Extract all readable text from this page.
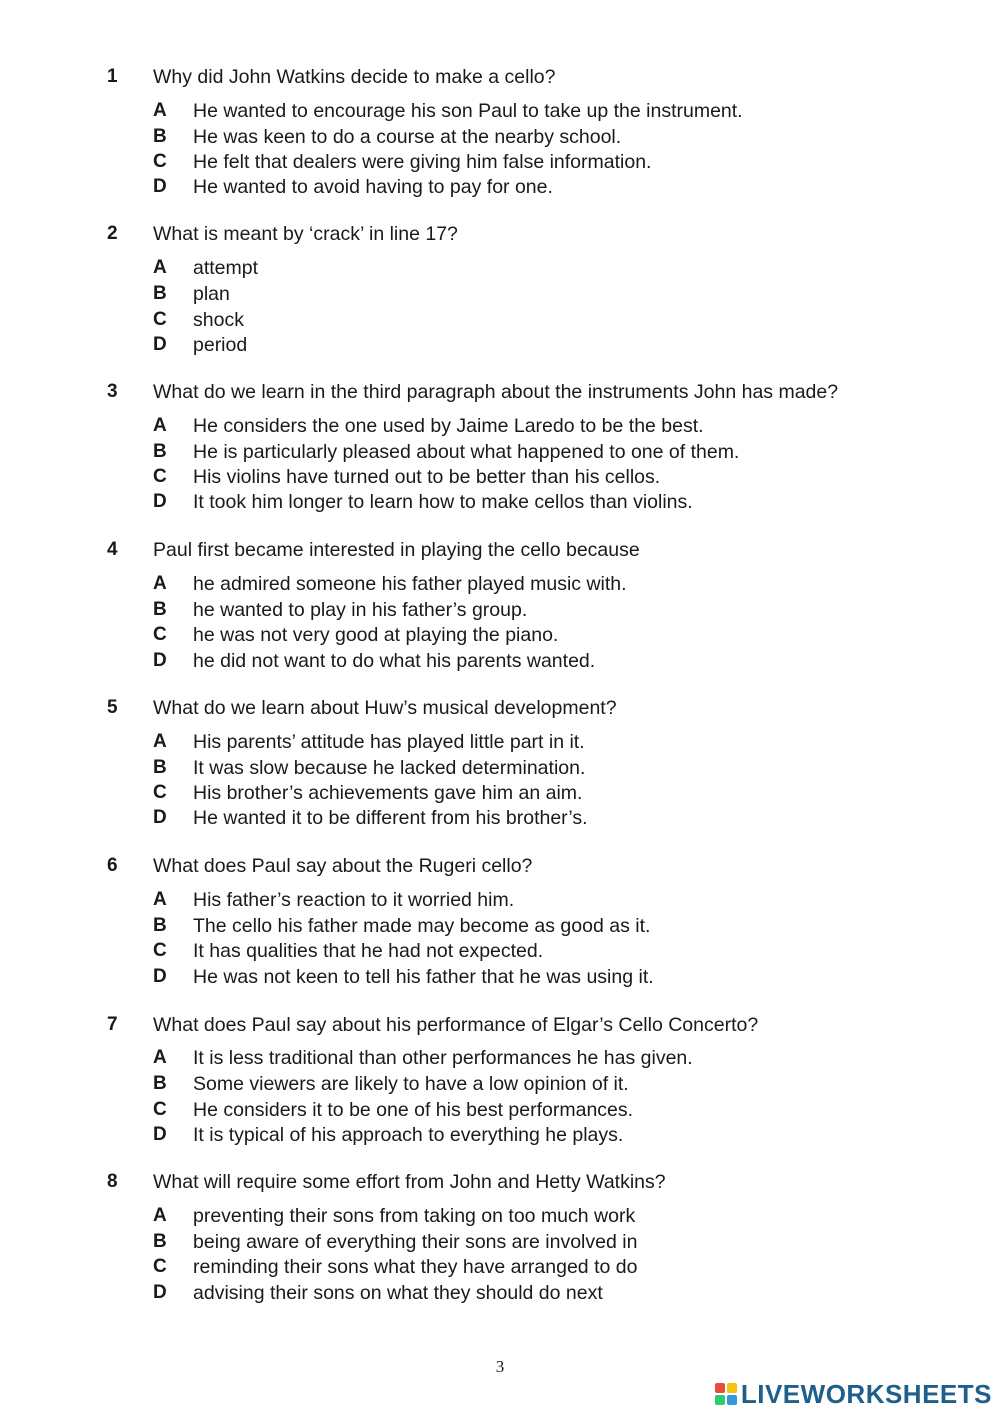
1 Why did John Watkins decide to make a cello?
A He wanted to encourage his son Paul to take up the instrument.
B He was keen to do a course at the nearby school.
C He felt that dealers were giving him false information.
D He wanted to avoid having to pay for one.
2 What is meant by ‘crack’ in line 17?
A attempt
B plan
C shock
D period
3 What do we learn in the third paragraph about the instruments John has made?
A He considers the one used by Jaime Laredo to be the best.
B He is particularly pleased about what happened to one of them.
C His violins have turned out to be better than his cellos.
D It took him longer to learn how to make cellos than violins.
4 Paul first became interested in playing the cello because
A he admired someone his father played music with.
B he wanted to play in his father’s group.
C he was not very good at playing the piano.
D he did not want to do what his parents wanted.
5 What do we learn about Huw’s musical development?
A His parents’ attitude has played little part in it.
B It was slow because he lacked determination.
C His brother’s achievements gave him an aim.
D He wanted it to be different from his brother’s.
6 What does Paul say about the Rugeri cello?
A His father’s reaction to it worried him.
B The cello his father made may become as good as it.
C It has qualities that he had not expected.
D He was not keen to tell his father that he was using it.
7 What does Paul say about his performance of Elgar’s Cello Concerto?
A It is less traditional than other performances he has given.
B Some viewers are likely to have a low opinion of it.
C He considers it to be one of his best performances.
D It is typical of his approach to everything he plays.
8 What will require some effort from John and Hetty Watkins?
A preventing their sons from taking on too much work
B being aware of everything their sons are involved in
C reminding their sons what they have arranged to do
D advising their sons on what they should do next
3
LIVEWORKSHEETS
